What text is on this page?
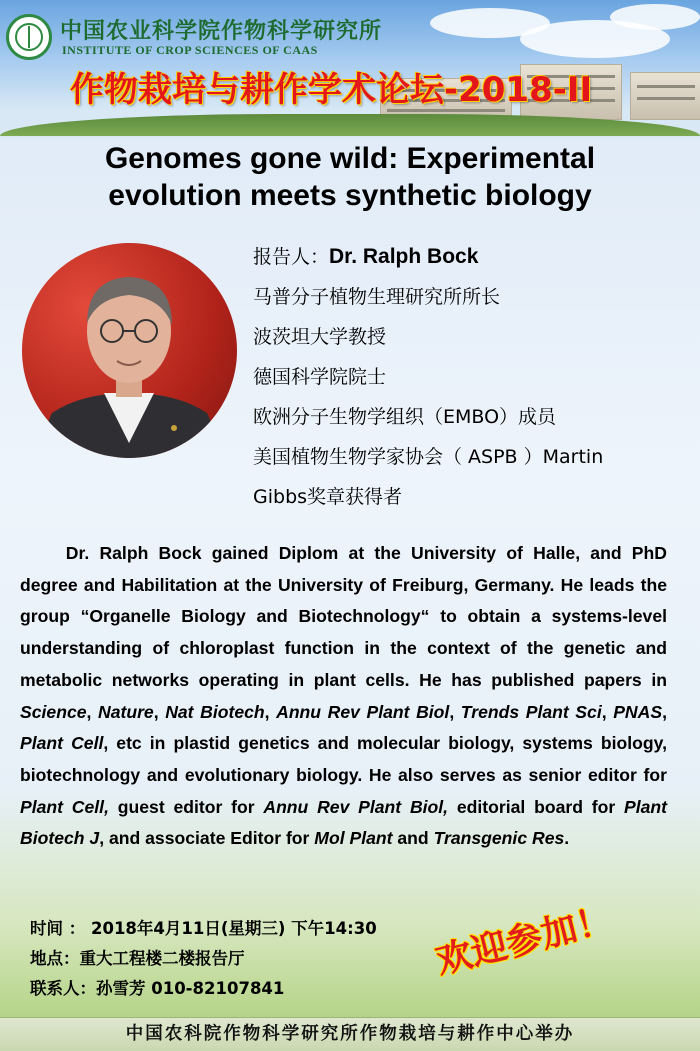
中国农业科学院作物科学研究所
INSTITUTE OF CROP SCIENCES OF CAAS
作物栽培与耕作学术论坛-2018-II
Genomes gone wild: Experimental
evolution meets synthetic biology
报告人：Dr. Ralph Bock
马普分子植物生理研究所所长
波茨坦大学教授
德国科学院院士
欧洲分子生物学组织（EMBO）成员
美国植物生物学家协会（ ASPB ）Martin
Gibbs奖章获得者
Dr. Ralph Bock gained Diplom at the University of Halle, and PhD degree and Habilitation at the University of Freiburg, Germany. He leads the group “Organelle Biology and Biotechnology“ to obtain a systems-level understanding of chloroplast function in the context of the genetic and metabolic networks operating in plant cells. He has published papers in Science, Nature, Nat Biotech, Annu Rev Plant Biol, Trends Plant Sci, PNAS, Plant Cell, etc in plastid genetics and molecular biology, systems biology, biotechnology and evolutionary biology. He also serves as senior editor for Plant Cell, guest editor for Annu Rev Plant Biol, editorial board for Plant Biotech J, and associate Editor for Mol Plant and Transgenic Res.
时间 ： 2018年4月11日(星期三) 下午14:30
地点：重大工程楼二楼报告厅
联系人：孙雪芳 010-82107841
欢迎参加！
中国农科院作物科学研究所作物栽培与耕作中心举办
